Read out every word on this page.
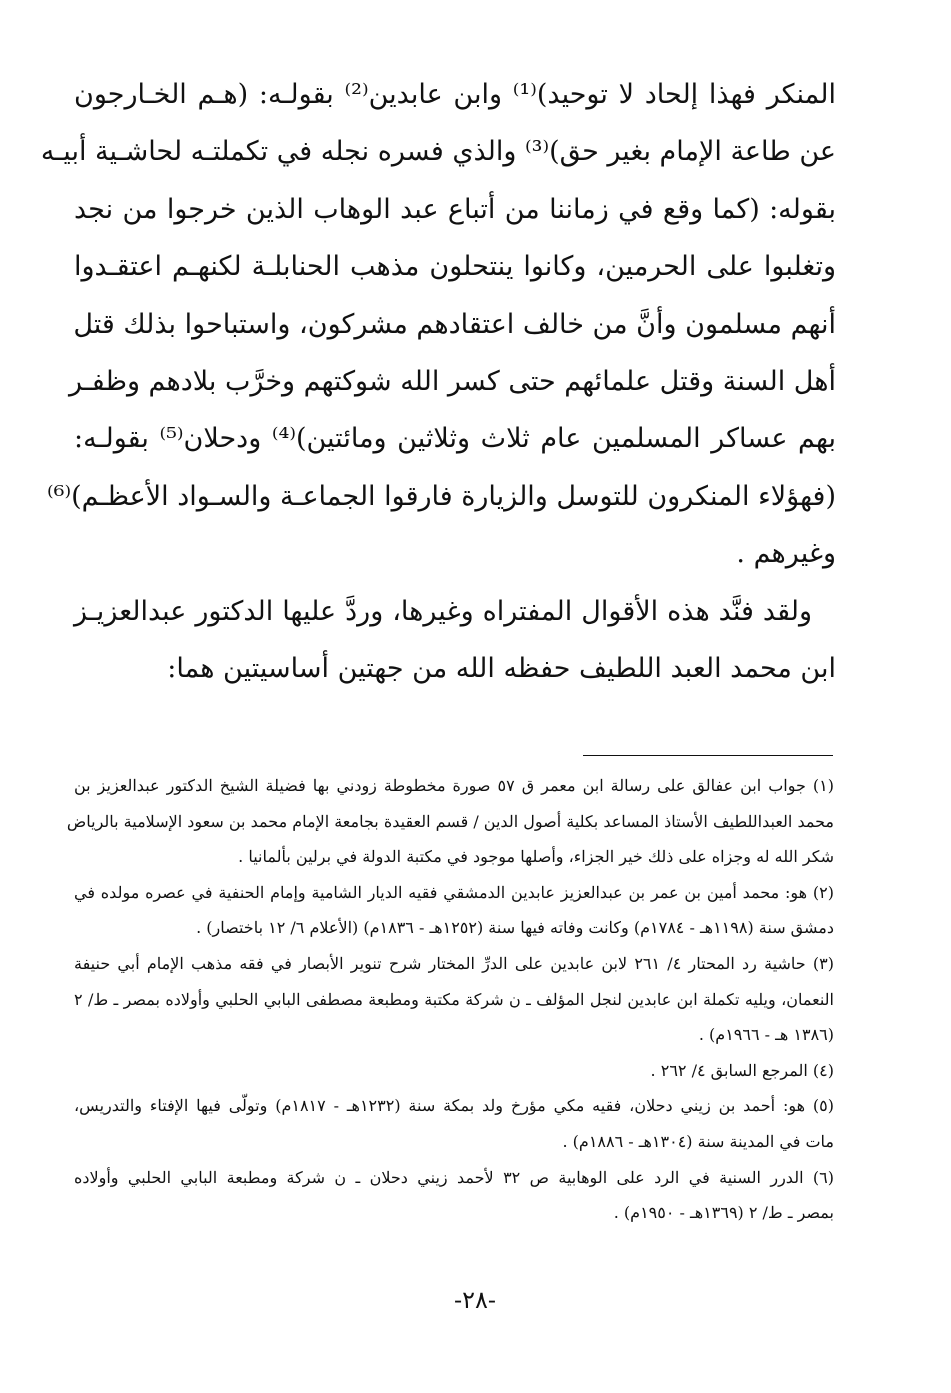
المنكر فهذا إلحاد لا توحيد)⁽¹⁾ وابن عابدين⁽²⁾ بقولـه: (هـم الخـارجون
عن طاعة الإمام بغير حق)⁽³⁾ والذي فسره نجله في تكملتـه لحاشـية أبيـه
بقوله: (كما وقع في زماننا من أتباع عبد الوهاب الذين خرجوا من نجد
وتغلبوا على الحرمين، وكانوا ينتحلون مذهب الحنابلـة لكنهـم اعتقـدوا
أنهم مسلمون وأنَّ من خالف اعتقادهم مشركون، واستباحوا بذلك قتل
أهل السنة وقتل علمائهم حتى كسر الله شوكتهم وخرَّب بلادهم وظفـر
بهم عساكر المسلمين عام ثلاث وثلاثين ومائتين)⁽⁴⁾ ودحلان⁽⁵⁾ بقولـه:
(فهؤلاء المنكرون للتوسل والزيارة فارقوا الجماعـة والسـواد الأعظـم)⁽⁶⁾
وغيرهم .
ولقد فنَّد هذه الأقوال المفتراه وغيرها، وردَّ عليها الدكتور عبدالعزيـز
ابن محمد العبد اللطيف حفظه الله من جهتين أساسيتين هما:
(١) جواب ابن عفالق على رسالة ابن معمر ق ٥٧ صورة مخطوطة زودني بها فضيلة الشيخ الدكتور عبدالعزيز بن
محمد العبداللطيف الأستاذ المساعد بكلية أصول الدين / قسم العقيدة بجامعة الإمام محمد بن سعود الإسلامية بالرياض
شكر الله له وجزاه على ذلك خير الجزاء، وأصلها موجود في مكتبة الدولة في برلين بألمانيا .
(٢) هو: محمد أمين بن عمر بن عبدالعزيز عابدين الدمشقي فقيه الديار الشامية وإمام الحنفية في عصره مولده في
دمشق سنة (١١٩٨هـ - ١٧٨٤م) وكانت وفاته فيها سنة (١٢٥٢هـ - ١٨٣٦م) (الأعلام ٦/ ١٢ باختصار) .
(٣) حاشية رد المحتار ٤/ ٢٦١ لابن عابدين على الدرِّ المختار شرح تنوير الأبصار في فقه مذهب الإمام أبي حنيفة
النعمان، ويليه تكملة ابن عابدين لنجل المؤلف ـ ن شركة مكتبة ومطبعة مصطفى البابي الحلبي وأولاده بمصر ـ ط/ ٢
(١٣٨٦ هـ - ١٩٦٦م) .
(٤) المرجع السابق ٤/ ٢٦٢ .
(٥) هو: أحمد بن زيني دحلان، فقيه مكي مؤرخ ولد بمكة سنة (١٢٣٢هـ - ١٨١٧م) وتولّى فيها الإفتاء والتدريس،
مات في المدينة سنة (١٣٠٤هـ - ١٨٨٦م) .
(٦) الدرر السنية في الرد على الوهابية ص ٣٢ لأحمد زيني دحلان ـ ن شركة ومطبعة البابي الحلبي وأولاده
بمصر ـ ط/ ٢ (١٣٦٩هـ - ١٩٥٠م) .
-٢٨-
